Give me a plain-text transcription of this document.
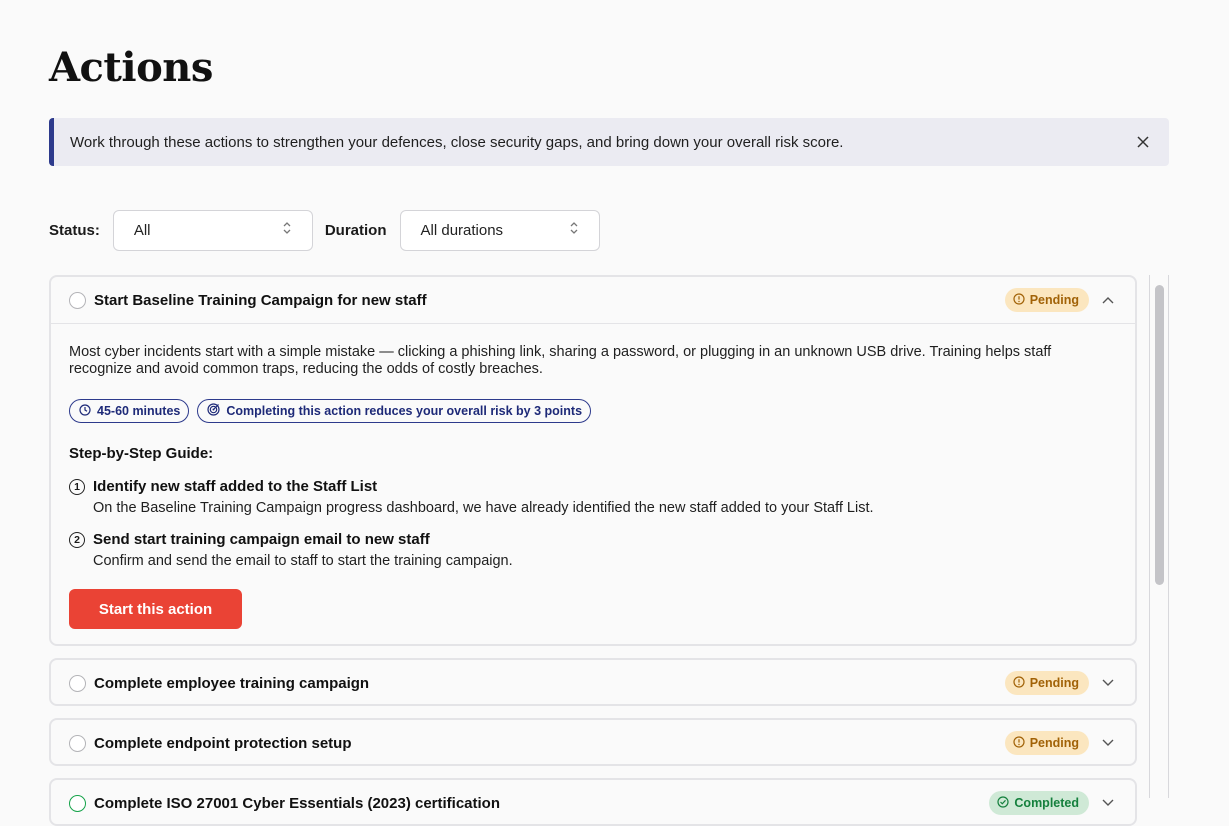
Actions
Work through these actions to strengthen your defences, close security gaps, and bring down your overall risk score.
Status: All	Duration All durations
Start Baseline Training Campaign for new staff	Pending

Most cyber incidents start with a simple mistake — clicking a phishing link, sharing a password, or plugging in an unknown USB drive. Training helps staff recognize and avoid common traps, reducing the odds of costly breaches.

45-60 minutes	Completing this action reduces your overall risk by 3 points
Step-by-Step Guide:
1 Identify new staff added to the Staff List
On the Baseline Training Campaign progress dashboard, we have already identified the new staff added to your Staff List.
2 Send start training campaign email to new staff
Confirm and send the email to staff to start the training campaign.
Start this action
Complete employee training campaign	Pending
Complete endpoint protection setup	Pending
Complete ISO 27001 Cyber Essentials (2023) certification	Completed
